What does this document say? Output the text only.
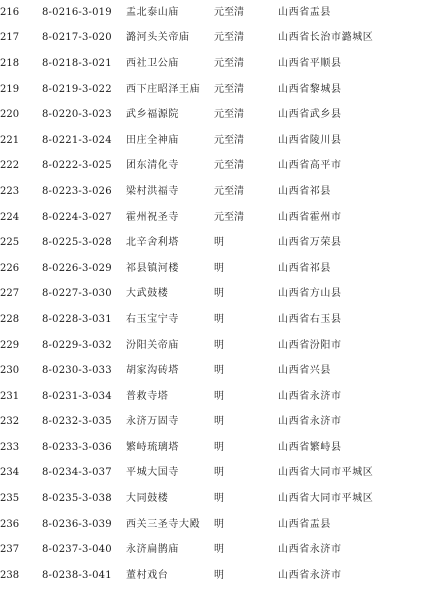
216	8-0216-3-019	盂北泰山庙	元至清	山西省盂县
217	8-0217-3-020	潞河头关帝庙	元至清	山西省长治市潞城区
218	8-0218-3-021	西社卫公庙	元至清	山西省平顺县
219	8-0219-3-022	西下庄昭泽王庙	元至清	山西省黎城县
220	8-0220-3-023	武乡福源院	元至清	山西省武乡县
221	8-0221-3-024	田庄全神庙	元至清	山西省陵川县
222	8-0222-3-025	团东清化寺	元至清	山西省高平市
223	8-0223-3-026	梁村洪福寺	元至清	山西省祁县
224	8-0224-3-027	霍州祝圣寺	元至清	山西省霍州市
225	8-0225-3-028	北辛舍利塔	明	山西省万荣县
226	8-0226-3-029	祁县镇河楼	明	山西省祁县
227	8-0227-3-030	大武鼓楼	明	山西省方山县
228	8-0228-3-031	右玉宝宁寺	明	山西省右玉县
229	8-0229-3-032	汾阳关帝庙	明	山西省汾阳市
230	8-0230-3-033	胡家沟砖塔	明	山西省兴县
231	8-0231-3-034	普救寺塔	明	山西省永济市
232	8-0232-3-035	永济万固寺	明	山西省永济市
233	8-0233-3-036	繁峙琉璃塔	明	山西省繁峙县
234	8-0234-3-037	平城大国寺	明	山西省大同市平城区
235	8-0235-3-038	大同鼓楼	明	山西省大同市平城区
236	8-0236-3-039	西关三圣寺大殿	明	山西省盂县
237	8-0237-3-040	永济扁鹊庙	明	山西省永济市
238	8-0238-3-041	董村戏台	明	山西省永济市
